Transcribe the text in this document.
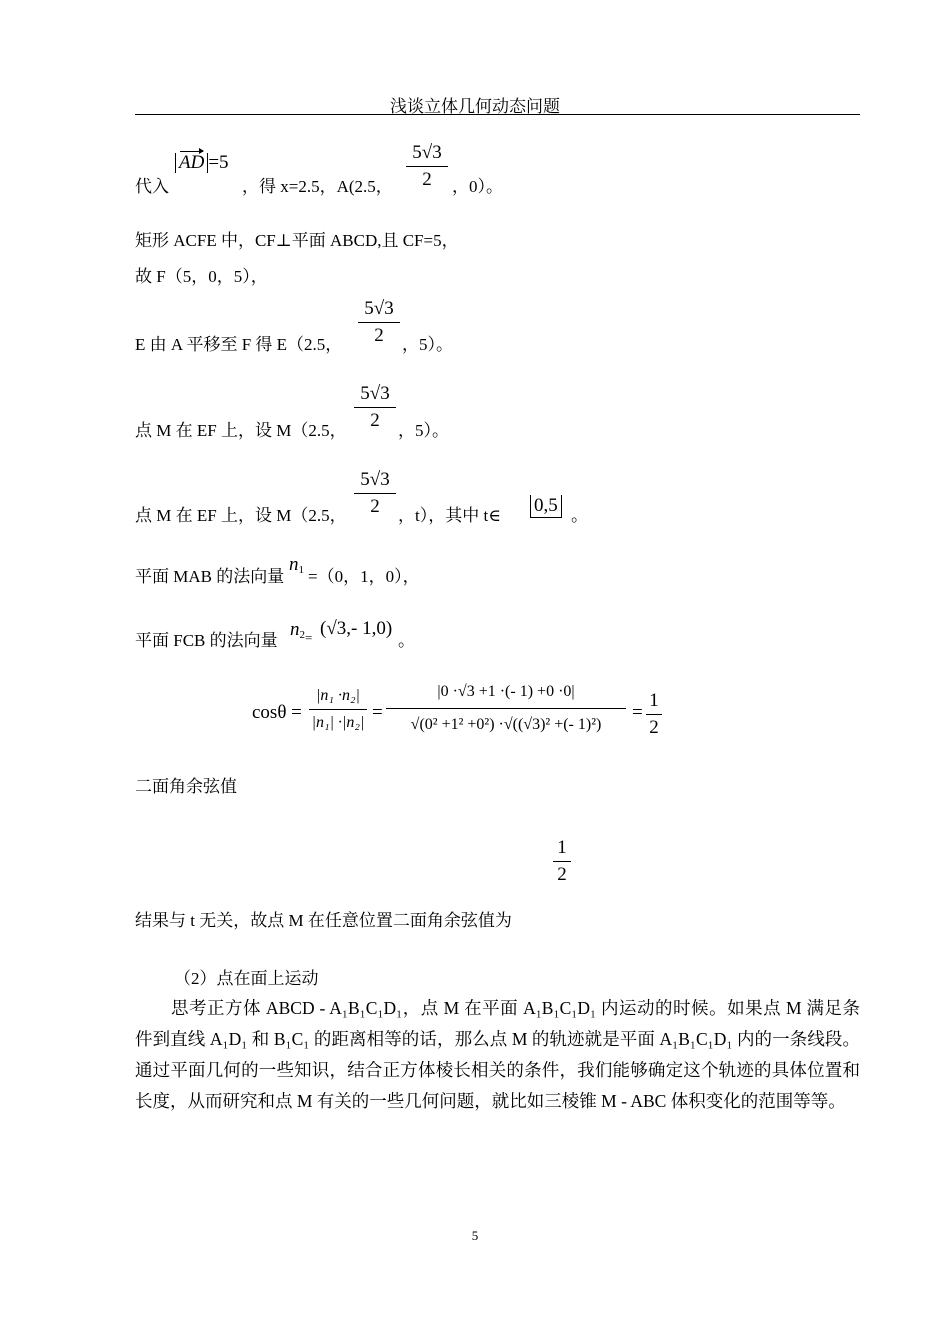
浅谈立体几何动态问题
代入
AD =5
，得 x=2.5，A(2.5，
5√3
2	，0）。
矩形 ACFE 中，CF⊥平面 ABCD,且 CF=5，
故 F（5，0，5），
E 由 A 平移至 F 得 E（2.5，
5√3
2	，5）。
点 M 在 EF 上，设 M（2.5，
5√3
2	，5）。
点 M 在 EF 上，设 M（2.5，
5√3
2	，t），其中 t∈ 0,5 。
平面 MAB 的法向量
$n_1 =(0$，1，0），
平面 FCB 的法向量
$n_2 = (√3,-$ 1,0)
。
cosθ =
|n₁ ·n₂|
|n₁| ·|n₂| =
|0 ·√3 +1 ·(- 1) +0 ·0|
√(0² +1² +0²) ·√((√3)² +(- 1)²)
=
1
2
二面角余弦值
1
2
结果与 t 无关，故点 M 在任意位置二面角余弦值为
（2）点在面上运动
思考正方体 ABCD - A₁B₁C₁D₁，点 M 在平面 A₁B₁C₁D₁ 内运动的时候。如果点 M 满足条件到直线 A₁D₁ 和 B₁C₁ 的距离相等的话，那么点 M 的轨迹就是平面 A₁B₁C₁D₁ 内的一条线段。通过平面几何的一些知识，结合正方体棱长相关的条件，我们能够确定这个轨迹的具体位置和长度，从而研究和点 M 有关的一些几何问题，就比如三棱锥 M - ABC 体积变化的范围等等。
5
